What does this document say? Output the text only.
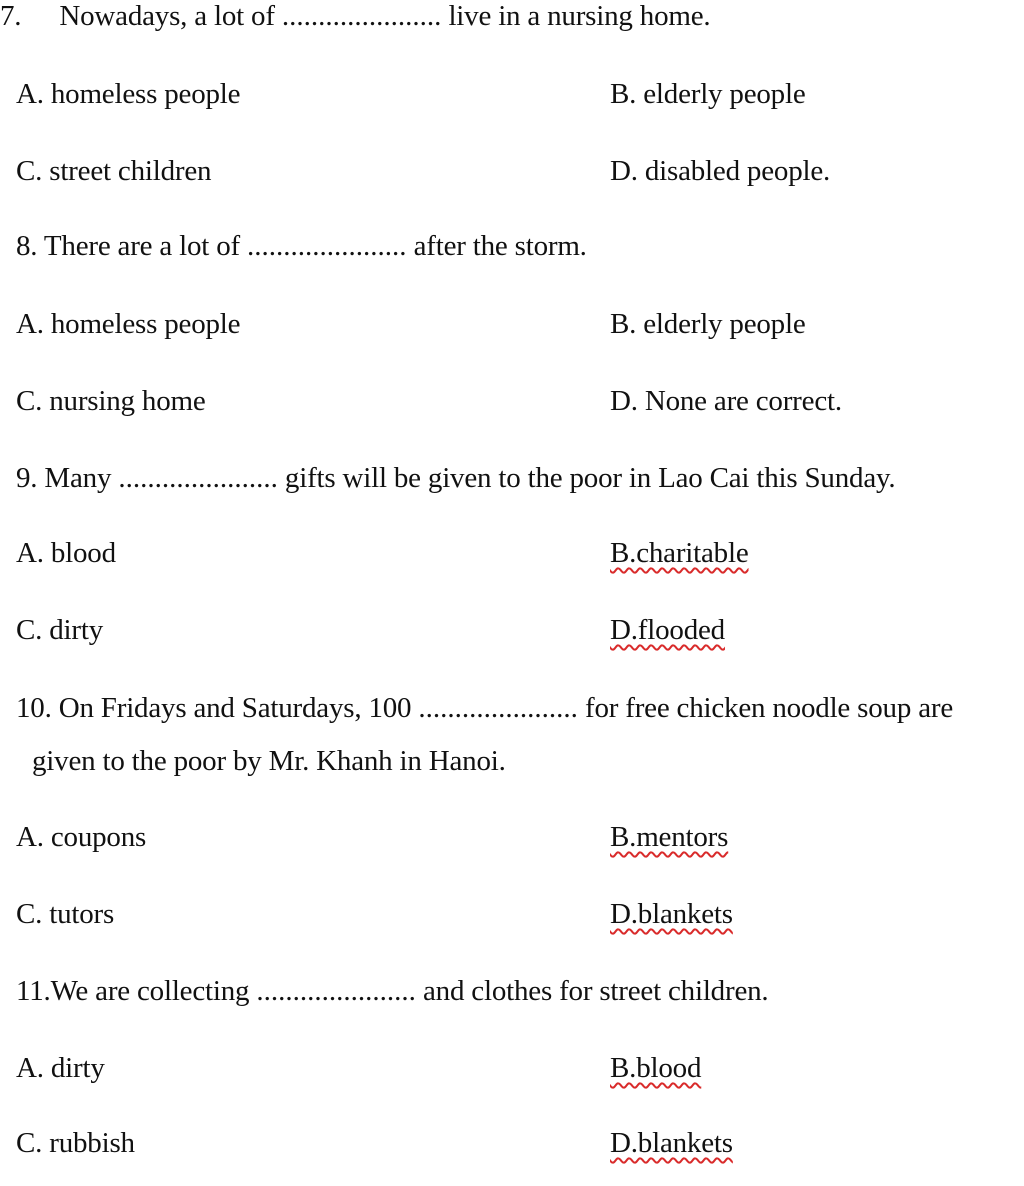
7. Nowadays, a lot of ...................... live in a nursing home.
A. homeless people	B. elderly people
C. street children	D. disabled people.
8. There are a lot of ...................... after the storm.
A. homeless people	B. elderly people
C. nursing home	D. None are correct.
9. Many ...................... gifts will be given to the poor in Lao Cai this Sunday.
A. blood	B.charitable
C. dirty	D.flooded
10. On Fridays and Saturdays, 100 ...................... for free chicken noodle soup are
given to the poor by Mr. Khanh in Hanoi.
A. coupons	B.mentors
C. tutors	D.blankets
11.We are collecting ...................... and clothes for street children.
A. dirty	B.blood
C. rubbish	D.blankets
